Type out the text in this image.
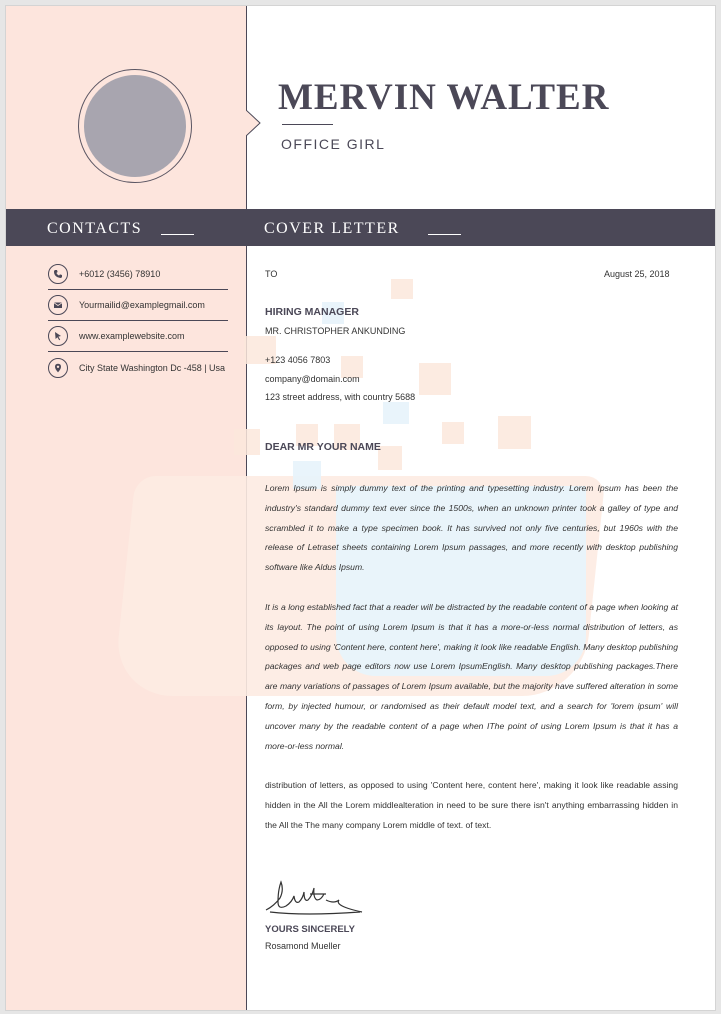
MERVIN WALTER
OFFICE GIRL
CONTACTS	COVER LETTER
+6012 (3456) 78910
Yourmailid@examplegmail.com
www.examplewebsite.com
City State Washington Dc -458 | Usa
TO	August 25, 2018
HIRING MANAGER
MR. CHRISTOPHER ANKUNDING
+123 4056 7803
company@domain.com
123 street address, with country 5688
DEAR MR YOUR NAME
Lorem Ipsum is simply dummy text of the printing and typesetting industry. Lorem Ipsum has been the industry's standard dummy text ever since the 1500s, when an unknown printer took a galley of type and scrambled it to make a type specimen book. It has survived not only five centuries, but 1960s with the release of Letraset sheets containing Lorem Ipsum passages, and more recently with desktop publishing software like Aldus Ipsum.
It is a long established fact that a reader will be distracted by the readable content of a page when looking at its layout. The point of using Lorem Ipsum is that it has a more-or-less normal distribution of letters, as opposed to using 'Content here, content here', making it look like readable English. Many desktop publishing packages and web page editors now use Lorem IpsumEnglish. Many desktop publishing packages.There are many variations of passages of Lorem Ipsum available, but the majority have suffered alteration in some form, by injected humour, or randomised as their default model text, and a search for 'lorem ipsum' will uncover many by the readable content of a page when IThe point of using Lorem Ipsum is that it has a more-or-less normal.
distribution of letters, as opposed to using 'Content here, content here', making it look like readable assing hidden in the All the Lorem middlealteration in need to be sure there isn't anything embarrassing hidden in the All the The many company Lorem middle of text. of text.
YOURS SINCERELY
Rosamond Mueller
